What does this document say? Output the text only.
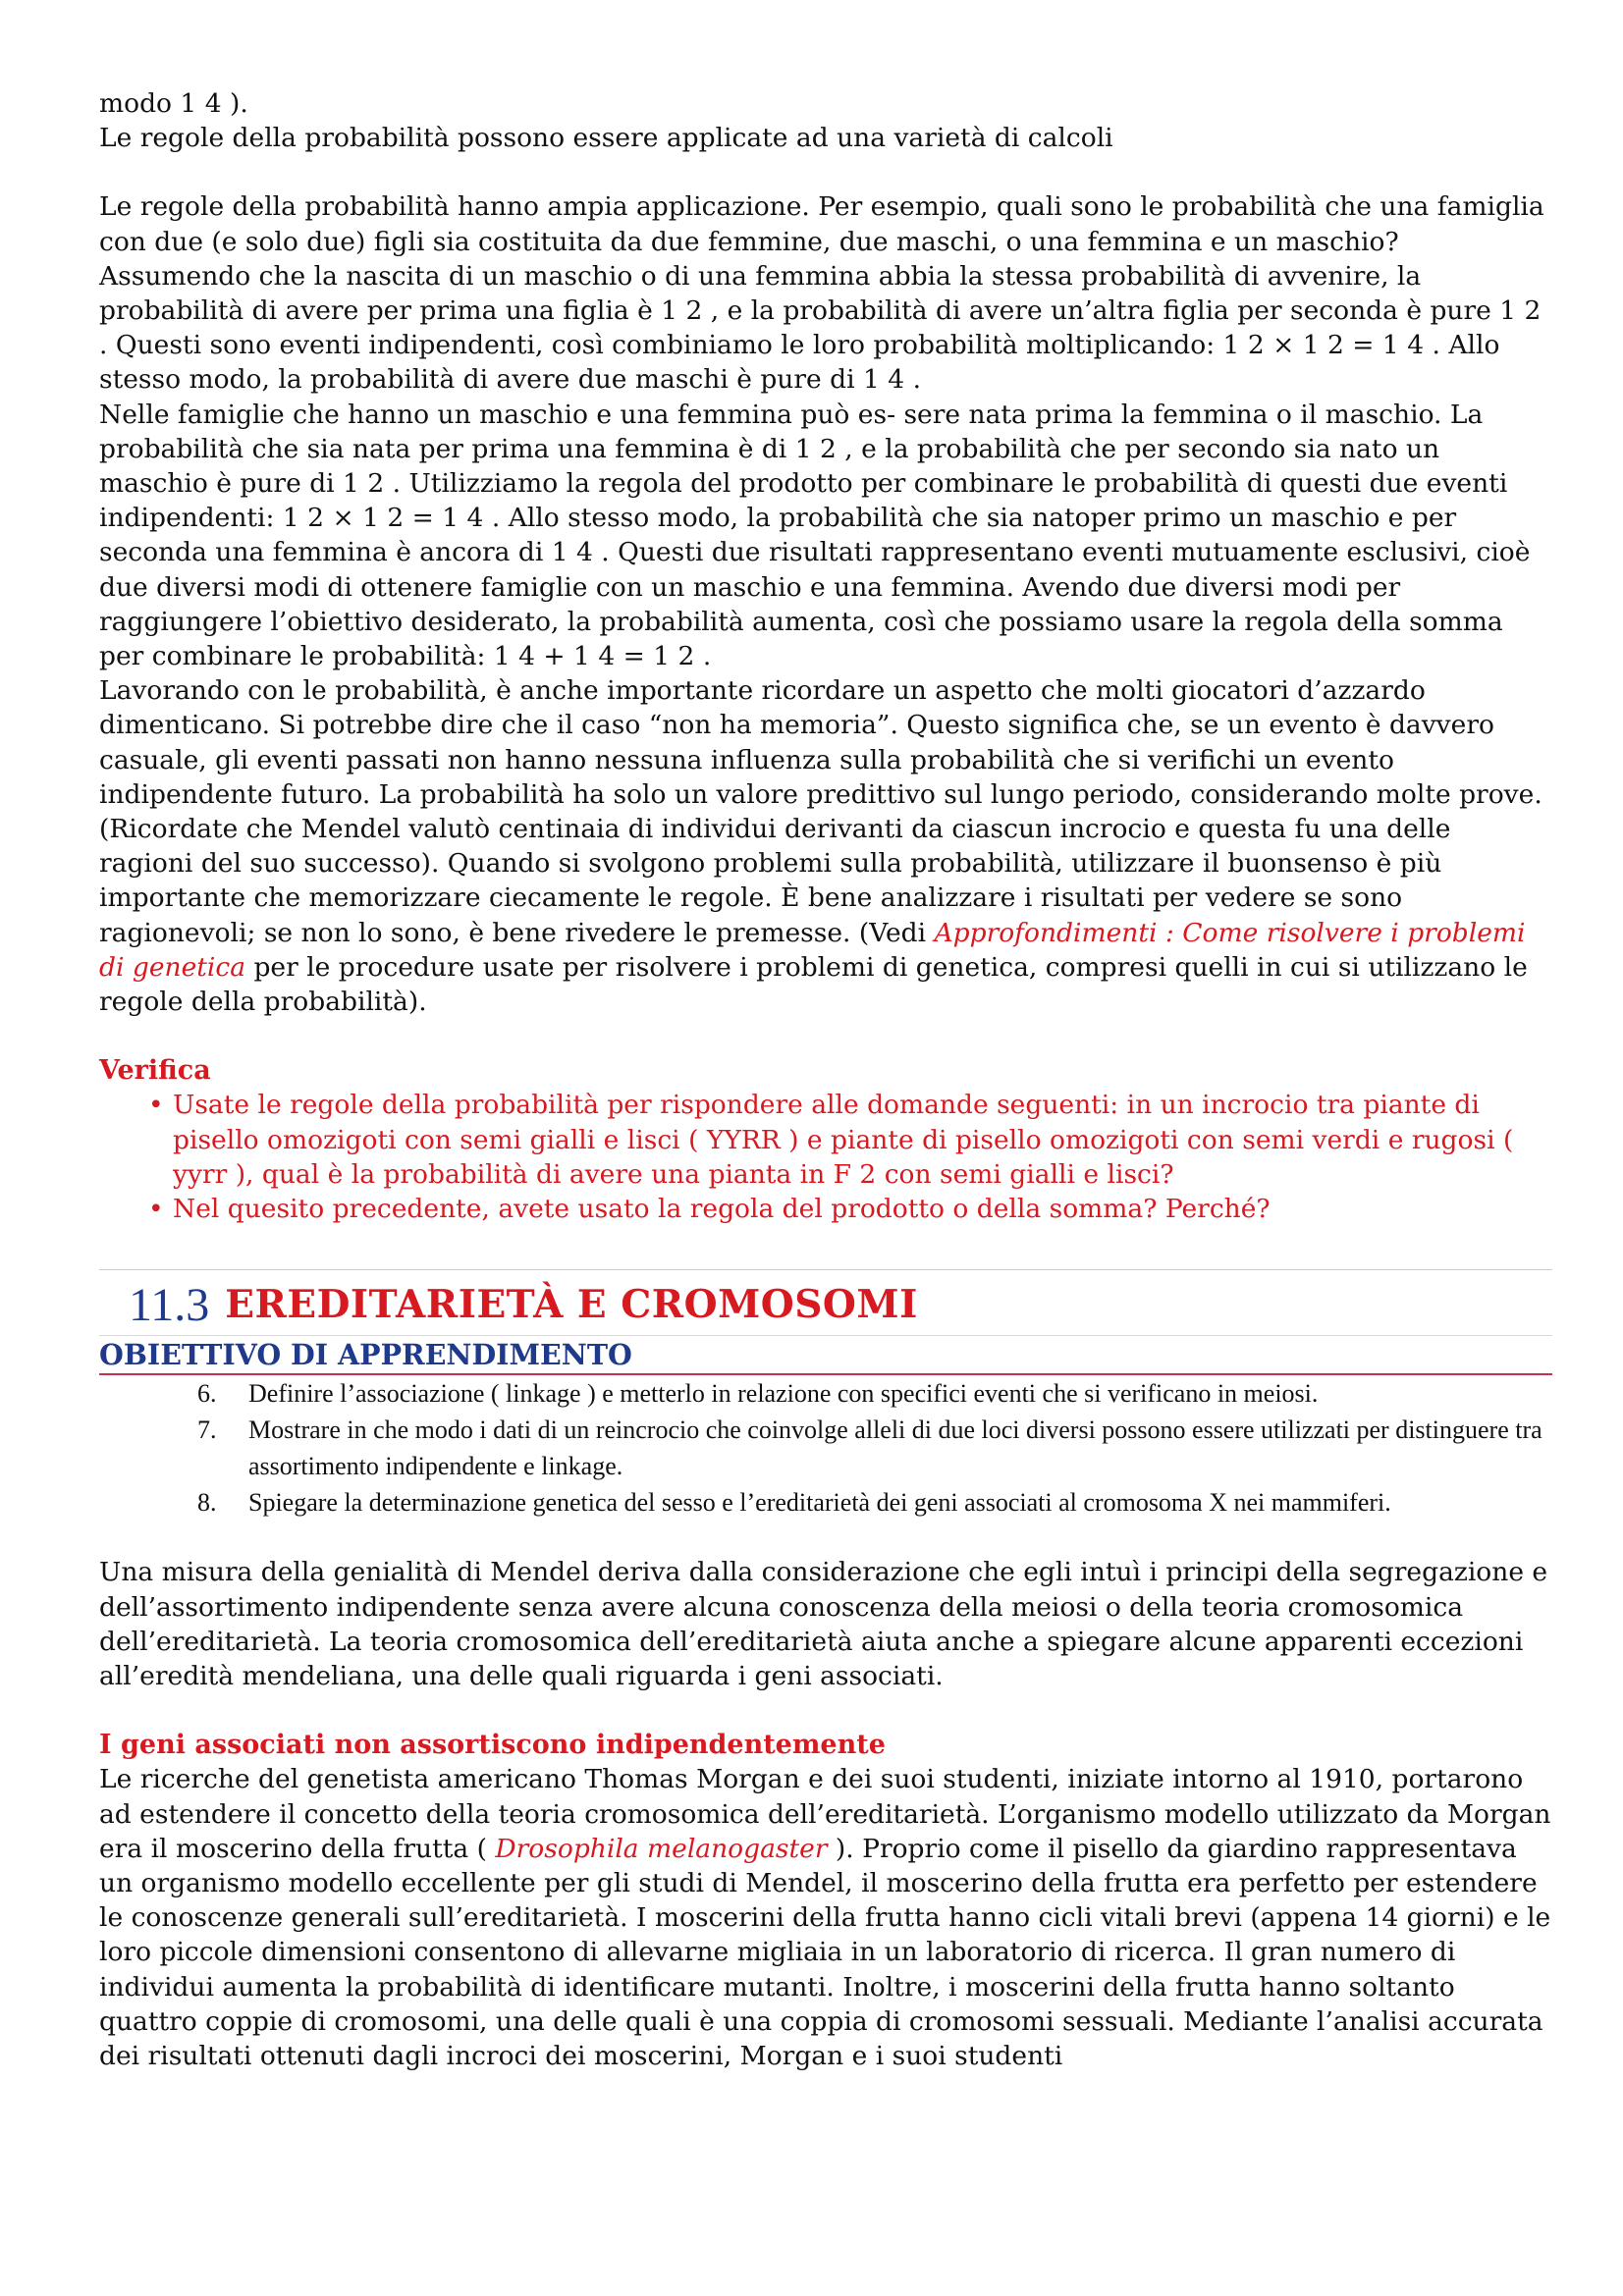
modo 1 4 ).

Le regole della probabilità possono essere applicate ad una varietà di calcoli

Le regole della probabilità hanno ampia applicazione. Per esempio, quali sono le probabilità che una famiglia con due (e solo due) figli sia costituita da due femmine, due maschi, o una femmina e un maschio? Assumendo che la nascita di un maschio o di una femmina abbia la stessa probabilità di avvenire, la probabilità di avere per prima una figlia è 1 2 , e la probabilità di avere un’altra figlia per seconda è pure 1 2 . Questi sono eventi indipendenti, così combiniamo le loro probabilità moltiplicando: 1 2 × 1 2 = 1 4 . Allo stesso modo, la probabilità di avere due maschi è pure di 1 4 .

Nelle famiglie che hanno un maschio e una femmina può es- sere nata prima la femmina o il maschio. La probabilità che sia nata per prima una femmina è di 1 2 , e la probabilità che per secondo sia nato un maschio è pure di 1 2 . Utilizziamo la regola del prodotto per combinare le probabilità di questi due eventi indipendenti: 1 2 × 1 2 = 1 4 . Allo stesso modo, la probabilità che sia natoper primo un maschio e per seconda una femmina è ancora di 1 4 . Questi due risultati rappresentano eventi mutuamente esclusivi, cioè due diversi modi di ottenere famiglie con un maschio e una femmina. Avendo due diversi modi per raggiungere l’obiettivo desiderato, la probabilità aumenta, così che possiamo usare la regola della somma per combinare le probabilità: 1 4 + 1 4 = 1 2 .

Lavorando con le probabilità, è anche importante ricordare un aspetto che molti giocatori d’azzardo dimenticano. Si potrebbe dire che il caso “non ha memoria”. Questo significa che, se un evento è davvero casuale, gli eventi passati non hanno nessuna influenza sulla probabilità che si verifichi un evento indipendente futuro. La probabilità ha solo un valore predittivo sul lungo periodo, considerando molte prove. (Ricordate che Mendel valutò centinaia di individui derivanti da ciascun incrocio e questa fu una delle ragioni del suo successo). Quando si svolgono problemi sulla probabilità, utilizzare il buonsenso è più importante che memorizzare ciecamente le regole. È bene analizzare i risultati per vedere se sono ragionevoli; se non lo sono, è bene rivedere le premesse. (Vedi Approfondimenti : Come risolvere i problemi di genetica per le procedure usate per risolvere i problemi di genetica, compresi quelli in cui si utilizzano le regole della probabilità).

Verifica
• Usate le regole della probabilità per rispondere alle domande seguenti: in un incrocio tra piante di pisello omozigoti con semi gialli e lisci ( YYRR ) e piante di pisello omozigoti con semi verdi e rugosi ( yyrr ), qual è la probabilità di avere una pianta in F 2 con semi gialli e lisci?
• Nel quesito precedente, avete usato la regola del prodotto o della somma? Perché?
11.3 EREDITARIETÀ E CROMOSOMI
OBIETTIVO DI APPRENDIMENTO
6. Definire l’associazione ( linkage ) e metterlo in relazione con specifici eventi che si verificano in meiosi.
7. Mostrare in che modo i dati di un reincrocio che coinvolge alleli di due loci diversi possono essere utilizzati per distinguere tra assortimento indipendente e linkage.
8. Spiegare la determinazione genetica del sesso e l’ereditarietà dei geni associati al cromosoma X nei mammiferi.

Una misura della genialità di Mendel deriva dalla considerazione che egli intuì i principi della segregazione e dell’assortimento indipendente senza avere alcuna conoscenza della meiosi o della teoria cromosomica dell’ereditarietà. La teoria cromosomica dell’ereditarietà aiuta anche a spiegare alcune apparenti eccezioni all’eredità mendeliana, una delle quali riguarda i geni associati.

I geni associati non assortiscono indipendentemente

Le ricerche del genetista americano Thomas Morgan e dei suoi studenti, iniziate intorno al 1910, portarono ad estendere il concetto della teoria cromosomica dell’ereditarietà. L’organismo modello utilizzato da Morgan era il moscerino della frutta ( Drosophila melanogaster ). Proprio come il pisello da giardino rappresentava un organismo modello eccellente per gli studi di Mendel, il moscerino della frutta era perfetto per estendere le conoscenze generali sull’ereditarietà. I moscerini della frutta hanno cicli vitali brevi (appena 14 giorni) e le loro piccole dimensioni consentono di allevarne migliaia in un laboratorio di ricerca. Il gran numero di individui aumenta la probabilità di identificare mutanti. Inoltre, i moscerini della frutta hanno soltanto quattro coppie di cromosomi, una delle quali è una coppia di cromosomi sessuali. Mediante l’analisi accurata dei risultati ottenuti dagli incroci dei moscerini, Morgan e i suoi studenti
